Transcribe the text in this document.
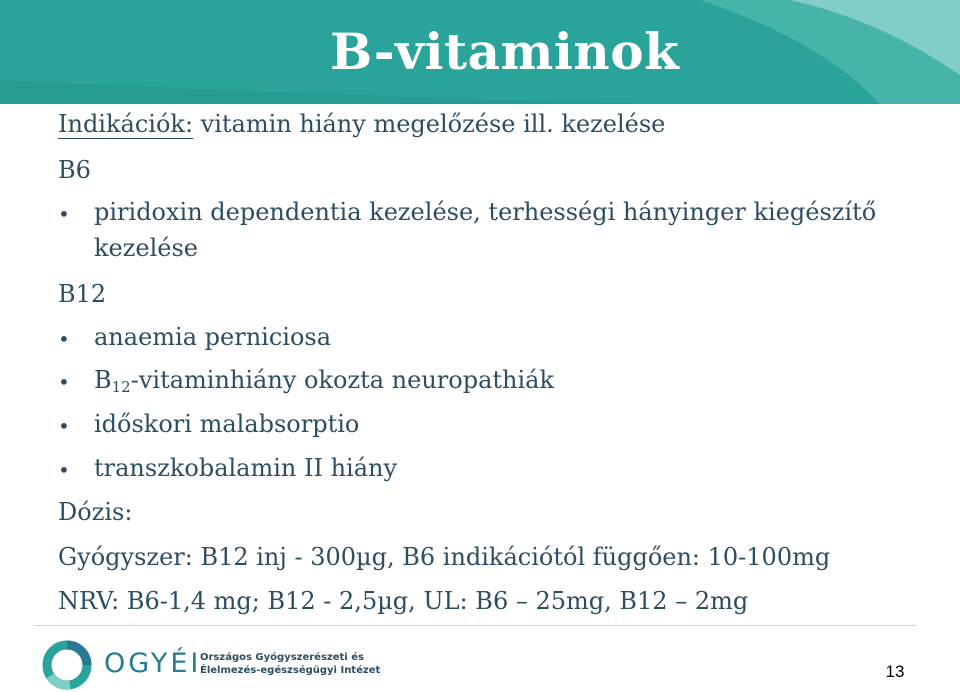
B-vitaminok
Indikációk: vitamin hiány megelőzése ill. kezelése
B6
• piridoxin dependentia kezelése, terhességi hányinger kiegészítő
kezelése
B12
• anaemia perniciosa
• $B_{12}$-vitaminhiány okozta neuropathiák
• időskori malabsorptio
• transzkobalamin II hiány
Dózis:
Gyógyszer: B12 inj - 300µg, B6 indikációtól függően: 10-100mg
NRV: B6-1,4 mg; B12 - 2,5µg, UL: B6 – 25mg, B12 – 2mg
OGYÉI
Országos Gyógyszerészeti és
Élelmezés-egészségügyi Intézet	13
